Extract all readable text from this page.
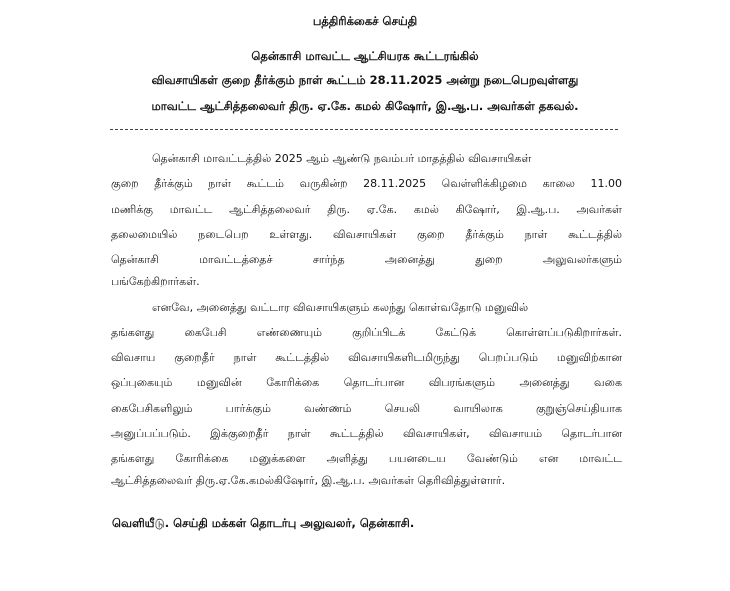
பத்திரிக்கைச் செய்தி
தென்காசி மாவட்ட ஆட்சியரக கூட்டரங்கில்
விவசாயிகள் குறை தீர்க்கும் நாள் கூட்டம் 28.11.2025 அன்று நடைபெறவுள்ளது
மாவட்ட ஆட்சித்தலைவர் திரு. ஏ.கே. கமல் கிஷோர், இ.ஆ.ப. அவர்கள் தகவல்.
தென்காசி மாவட்டத்தில் 2025 ஆம் ஆண்டு நவம்பர் மாதத்தில் விவசாயிகள்
குறை தீர்க்கும் நாள் கூட்டம் வருகின்ற 28.11.2025 வெள்ளிக்கிழமை காலை 11.00
மணிக்கு மாவட்ட ஆட்சித்தலைவர் திரு. ஏ.கே. கமல் கிஷோர், இ.ஆ.ப. அவர்கள்
தலைமையில் நடைபெற உள்ளது. விவசாயிகள் குறை தீர்க்கும் நாள் கூட்டத்தில்
தென்காசி மாவட்டத்தைச் சார்ந்த அனைத்து துறை அலுவலர்களும்
பங்கேற்கிறார்கள்.
எனவே, அனைத்து வட்டார விவசாயிகளும் கலந்து கொள்வதோடு மனுவில்
தங்களது கைபேசி எண்ணையும் குறிப்பிடக் கேட்டுக் கொள்ளப்படுகிறார்கள்.
விவசாய குறைதீர் நாள் கூட்டத்தில் விவசாயிகளிடமிருந்து பெறப்படும் மனுவிற்கான
ஒப்புகையும் மனுவின் கோரிக்கை தொடர்பான விபரங்களும் அனைத்து வகை
கைபேசிகளிலும் பார்க்கும் வண்ணம் செயலி வாயிலாக குறுஞ்செய்தியாக
அனுப்பப்படும். இக்குறைதீர் நாள் கூட்டத்தில் விவசாயிகள், விவசாயம் தொடர்பான
தங்களது கோரிக்கை மனுக்களை அளித்து பயனடைய வேண்டும் என மாவட்ட
ஆட்சித்தலைவர் திரு.ஏ.கே.கமல்கிஷோர், இ.ஆ.ப. அவர்கள் தெரிவித்துள்ளார்.
வெளியீடு. செய்தி மக்கள் தொடர்பு அலுவலர், தென்காசி.
